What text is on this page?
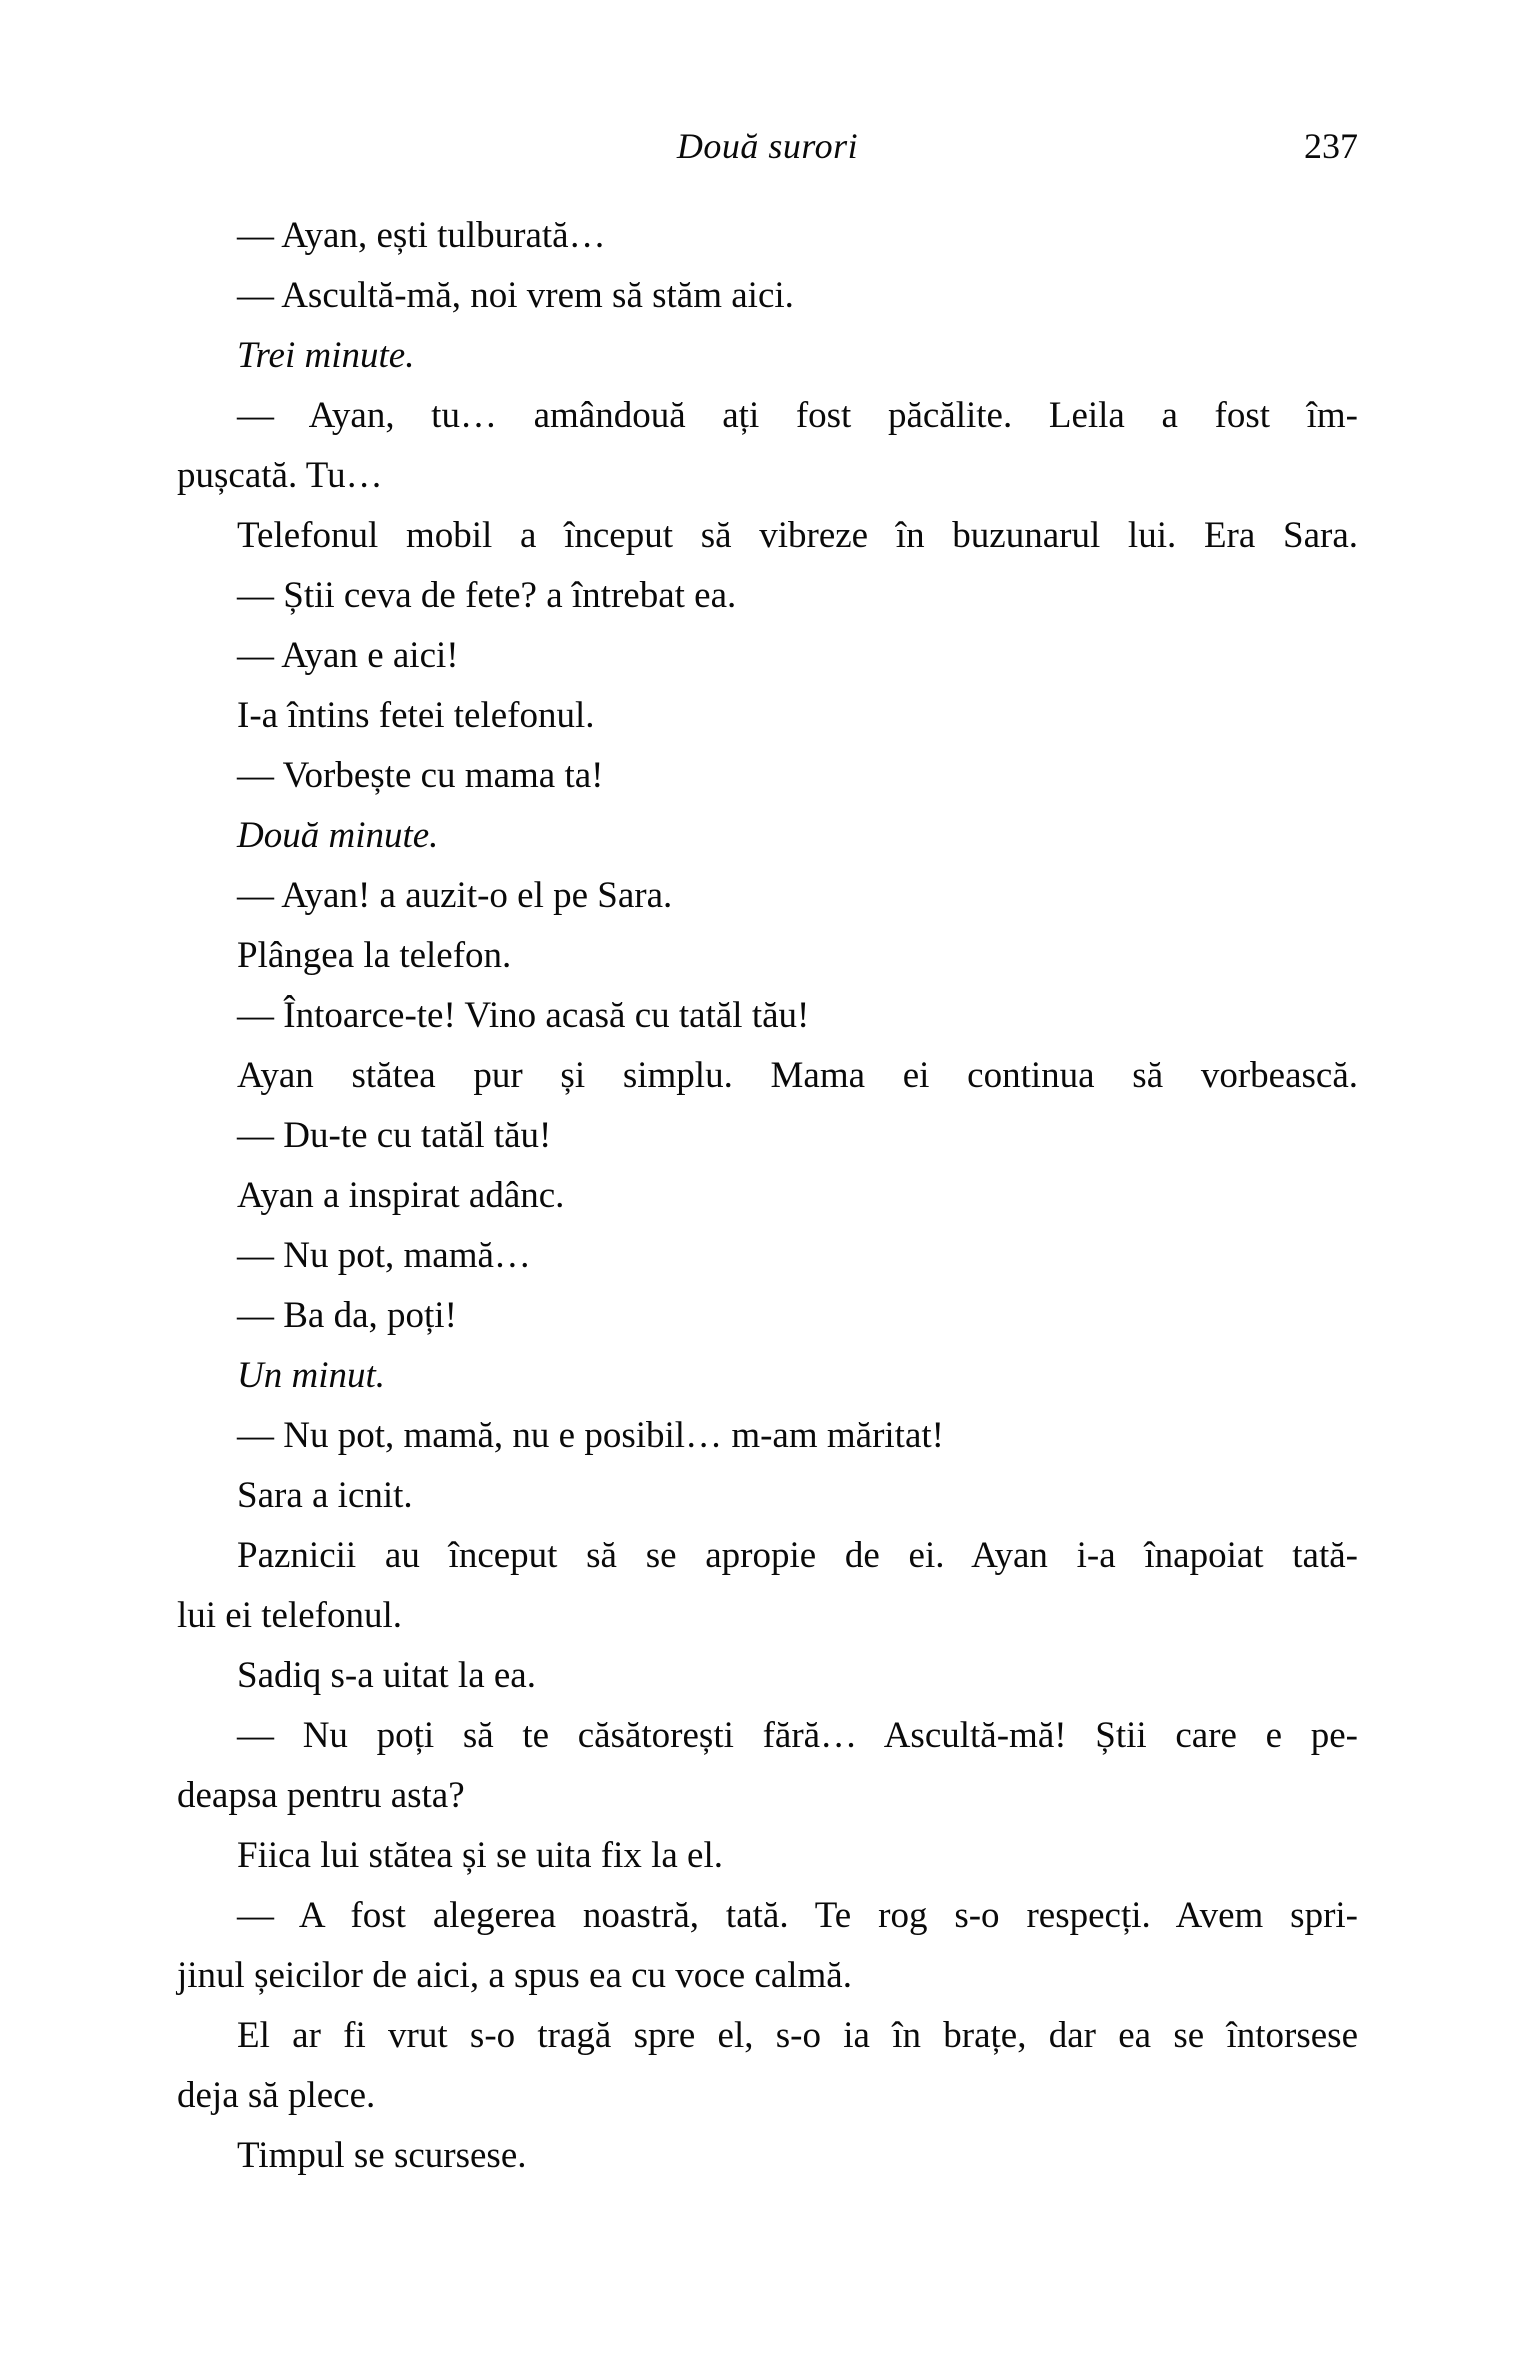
Două surori	237
— Ayan, ești tulburată…
— Ascultă-mă, noi vrem să stăm aici.
Trei minute.
— Ayan, tu… amândouă ați fost păcălite. Leila a fost îm-
pușcată. Tu…
Telefonul mobil a început să vibreze în buzunarul lui. Era Sara.
— Știi ceva de fete? a întrebat ea.
— Ayan e aici!
I-a întins fetei telefonul.
— Vorbește cu mama ta!
Două minute.
— Ayan! a auzit-o el pe Sara.
Plângea la telefon.
— Întoarce-te! Vino acasă cu tatăl tău!
Ayan stătea pur și simplu. Mama ei continua să vorbească.
— Du-te cu tatăl tău!
Ayan a inspirat adânc.
— Nu pot, mamă…
— Ba da, poți!
Un minut.
— Nu pot, mamă, nu e posibil… m-am măritat!
Sara a icnit.
Paznicii au început să se apropie de ei. Ayan i-a înapoiat tată-
lui ei telefonul.
Sadiq s-a uitat la ea.
— Nu poți să te căsătorești fără… Ascultă-mă! Știi care e pe-
deapsa pentru asta?
Fiica lui stătea și se uita fix la el.
— A fost alegerea noastră, tată. Te rog s-o respecți. Avem spri-
jinul șeicilor de aici, a spus ea cu voce calmă.
El ar fi vrut s-o tragă spre el, s-o ia în brațe, dar ea se întorsese
deja să plece.
Timpul se scursese.
